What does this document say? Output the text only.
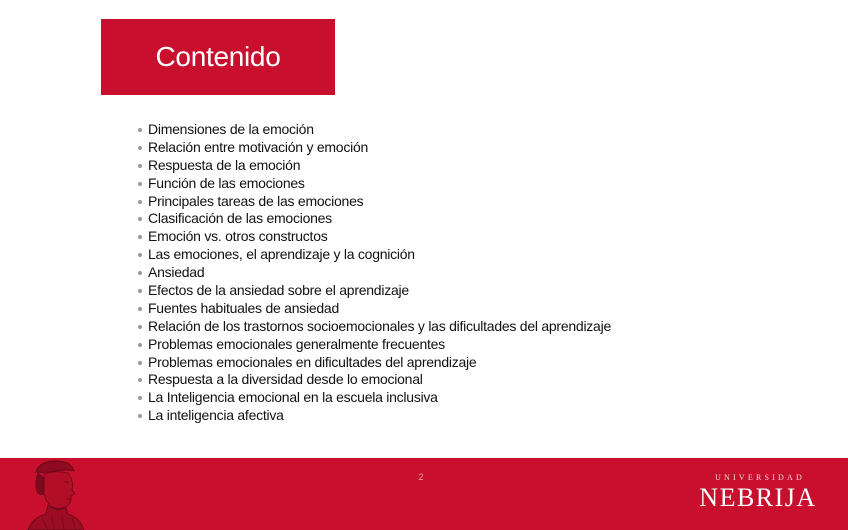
Contenido
Dimensiones de la emoción
Relación entre motivación y emoción
Respuesta de la emoción
Función de las emociones
Principales tareas de las emociones
Clasificación de las emociones
Emoción vs. otros constructos
Las emociones, el aprendizaje y la cognición
Ansiedad
Efectos de la ansiedad sobre el aprendizaje
Fuentes habituales de ansiedad
Relación de los trastornos socioemocionales y las dificultades del aprendizaje
Problemas emocionales generalmente frecuentes
Problemas emocionales en dificultades del aprendizaje
Respuesta a la diversidad desde lo emocional
La Inteligencia emocional en la escuela inclusiva
La inteligencia afectiva
2	UNIVERSIDAD
NEBRIJA
